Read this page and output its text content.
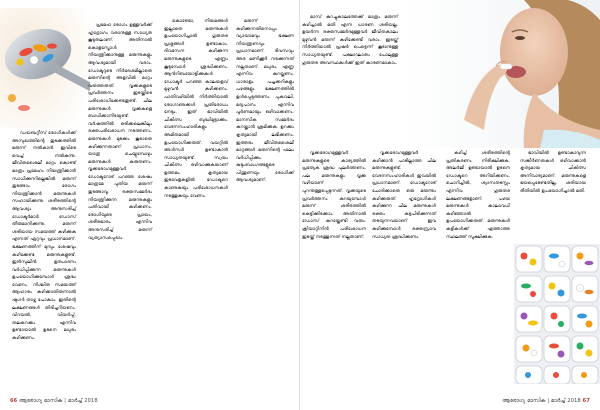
ഡയബറ്റീസ് രോഗികൾക്ക് അസുഖത്തിന്റെ തുടക്കത്തിൽ മരുന്ന് നൽകാൻ ഇവിടെ വെച്ച് നൽകുന്നു. ജീവിതശൈലീ മാറ്റം കൊണ്ട് മാത്രം പ്രമേഹം നിയന്ത്രിക്കാൻ സാധിക്കുന്നില്ലെങ്കിൽ മരുന്ന് തുടങ്ങാം. രോഗം നിയന്ത്രിക്കാൻ മരുന്നുകൾ സഹായിക്കുന്നു. ശരീരത്തിന്റെ ആവശ്യം അനുസരിച്ച് ഡോക്ടർമാർ ഡോസ് തീരുമാനിക്കുന്നു. മരുന്ന് ശരിയായ സമയത്ത് കഴിക്കുക എന്നത് ഏറ്റവും പ്രധാനമാണ്. ഭക്ഷണത്തിന് മുമ്പും ശേഷവും കഴിക്കേണ്ട മരുന്നുകളുണ്ട്. ഇൻസുലിൻ ഉത്പാദനം വർധിപ്പിക്കുന്ന മരുന്നുകൾ ഉപയോഗിക്കുമ്പോൾ ശ്രദ്ധ വേണം. നിശ്ചിത സമയത്ത് ആഹാരം കഴിക്കാതിരുന്നാൽ ഷുഗർ താഴ്ന്നു പോകാം. ഇതിന്റെ ലക്ഷണങ്ങൾ തിരിച്ചറിയണം. വിറയൽ, വിയർപ്പ്, തലകറക്കം എന്നിവ ഉണ്ടായാൽ ഉടനെ മധുരം കഴിക്കണം.

പ്രമേഹ രോഗം ഉള്ളവർക്ക് ഹൃദ്രോഗം വരാനുള്ള സാധ്യത കൂടുതലാണ്. അതിനാൽ കൊളസ്ട്രോൾ നിയന്ത്രിക്കാനുള്ള മരുന്നുകളും ആവശ്യമായി വരാം. ഡോക്ടറുടെ നിർദേശമില്ലാതെ മരുന്നിന്റെ അളവിൽ മാറ്റം വരുത്തരുത്. വൃക്കകളുടെ പ്രവർത്തനം ഇടയ്ക്കിടെ പരിശോധിക്കേണ്ടതുണ്ട്. ചില മരുന്നുകൾ വൃക്കകളെ ബാധിക്കാനിടയുണ്ട്. വർഷത്തിൽ ഒരിക്കലെങ്കിലും രക്തപരിശോധന നടത്തണം. മരുന്നുകൾ മുടക്കം കൂടാതെ കഴിക്കുന്നതാണ് പ്രധാനം. യാത്ര ചെയ്യുമ്പോഴും മരുന്നുകൾ കരുതണം. വൃക്കരോഗമുള്ളവർ ഡോക്ടറോട് പറഞ്ഞ ശേഷം മാത്രമേ പുതിയ മരുന്ന് തുടങ്ങാവൂ. രക്തസമ്മർദം നിയന്ത്രിക്കുന്ന മരുന്നുകളും പതിവായി കഴിക്കണം. രോഗിയുടെ പ്രായം, ശരീരഭാരം എന്നിവ അനുസരിച്ച് മരുന്ന് വ്യത്യാസപ്പെടാം.

കൊണ്ടോ, നിയമങ്ങൾ ഇല്ലാതെ മരുന്നുകൾ ഉപയോഗിച്ചാൽ ഗുരുതര പ്രശ്നങ്ങൾ ഉണ്ടാകാം. ദിവസേന കഴിക്കുന്ന മരുന്നുകളുടെ എണ്ണം കൂടുമ്പോൾ ശ്രദ്ധിക്കണം. ആൻറിബയോട്ടിക്കുകൾ ഡോക്ടർ പറഞ്ഞ കാലയളവ് മുഴുവൻ കഴിക്കണം. പാതിവഴിയിൽ നിർത്തിയാൽ രോഗാണുക്കൾ പ്രതിരോധം നേടും. ഇത് ഭാവിയിൽ ചികിത്സ ബുദ്ധിമുട്ടാക്കും. വേദനസംഹാരികളും അമിതമായി ഉപയോഗിക്കരുത്. വയറ്റിൽ അൾസർ ഉണ്ടാകാൻ സാധ്യതയുണ്ട്. സ്വയം ചികിത്സ ഒഴിവാക്കുകയാണ് ഉത്തമം. കൃത്യമായ ഇടവേളകളിൽ ഡോക്ടറെ കാണുകയും പരിശോധനകൾ നടത്തുകയും വേണം.

മരുന്ന് കഴിക്കുന്നതിനൊപ്പം വ്യായാമവും ഭക്ഷണ നിയന്ത്രണവും പ്രധാനമാണ്. ദിവസവും അര മണിക്കൂർ നടക്കുന്നത് നല്ലതാണ്. മധുരം, എണ്ണ എന്നിവ കുറയ്ക്കണം. ധാരാളം പച്ചക്കറികളും പഴങ്ങളും ഭക്ഷണത്തിൽ ഉൾപ്പെടുത്തണം. പുകവലി, മദ്യപാനം എന്നിവ പൂർണമായും ഒഴിവാക്കണം. മാനസിക സമ്മർദം കുറയ്ക്കാൻ ശ്രമിക്കുക. ഉറക്കം കൃത്യമായി ലഭിക്കണം. ഇത്തരം ജീവിതശൈലീ മാറ്റങ്ങൾ മരുന്നിന്റെ ഫലം വർധിപ്പിക്കും. കുടുംബാംഗങ്ങളുടെ പിന്തുണയും രോഗിക്ക് ആവശ്യമാണ്.

66 ആരോഗ്യ മാസിക | മാർച്ച് 2018

മാസ് കുറച്ചുകാലത്തേക്ക് മാത്രം മരുന്ന് കഴിച്ചാൽ മതി എന്ന ധാരണ ശരിയല്ല. ഉയർന്ന രക്തസമ്മർദമുള്ളവർ ജീവിതകാലം മുഴുവൻ മരുന്ന് കഴിക്കേണ്ടി വരാം. ഇടയ്ക്ക് നിർത്തിയാൽ പ്രഷർ പെട്ടെന്ന് കൂടാനുള്ള സാധ്യതയുണ്ട്. പക്ഷാഘാതം പോലുള്ള ഗുരുതര അവസ്ഥകൾക്ക് ഇത് കാരണമാകാം.

വൃക്കരോഗമുള്ളവർ മരുന്നുകളുടെ കാര്യത്തിൽ പ്രത്യേക ശ്രദ്ധ പുലർത്തണം. പല മരുന്നുകളും വൃക്ക വഴിയാണ് പുറന്തള്ളപ്പെടുന്നത്. വൃക്കയുടെ പ്രവർത്തനം കുറയുമ്പോൾ മരുന്ന് ശരീരത്തിൽ കെട്ടിക്കിടക്കാം. അതിനാൽ ഡോസ് കുറയ്ക്കേണ്ടി വരും. ക്രിയാറ്റിനിൻ പരിശോധന ഇടയ്ക്ക് നടത്തുന്നത് നല്ലതാണ്.

വൃക്കരോഗമുള്ളവർ കഴിക്കാൻ പാടില്ലാത്ത ചില മരുന്നുകളുണ്ട്. വേദനസംഹാരികൾ ഇവയിൽ പ്രധാനമാണ്. ഡോക്ടറോട് ചോദിക്കാതെ ഒരു മരുന്നും കഴിക്കരുത്. ഹൃദ്രോഗികൾ കഴിക്കുന്ന ചില മരുന്നുകൾ രക്തം കട്ടപിടിക്കുന്നത് തടയുന്നവയാണ്. ഇവ കഴിക്കുമ്പോൾ രക്തസ്രാവ സാധ്യത ശ്രദ്ധിക്കണം.

കഴിച്ച് ശരീരത്തിന്റെ പ്രതികരണം നിരീക്ഷിക്കുക. അലർജി ഉണ്ടായാൽ ഉടനെ ഡോക്ടറെ അറിയിക്കണം. ചൊറിച്ചിൽ, ശ്വാസതടസ്സം എന്നിവ ഗുരുതര ലക്ഷണങ്ങളാണ്. പഴയ മരുന്നുകൾ കാലാവധി കഴിഞ്ഞാൽ ഉപയോഗിക്കരുത്. മരുന്നുകൾ കുട്ടികൾക്ക് എത്താത്ത സ്ഥലത്ത് സൂക്ഷിക്കുക.

ഭാവിയിൽ ഉണ്ടാകാവുന്ന സങ്കീർണതകൾ ഒഴിവാക്കാൻ കൃത്യമായ ചികിത്സ അനിവാര്യമാണ്. മരുന്നുകളെ ഭയപ്പെടേണ്ടതില്ല, ശരിയായ രീതിയിൽ ഉപയോഗിച്ചാൽ മതി.

ആരോഗ്യ മാസിക | മാർച്ച് 2018 67
